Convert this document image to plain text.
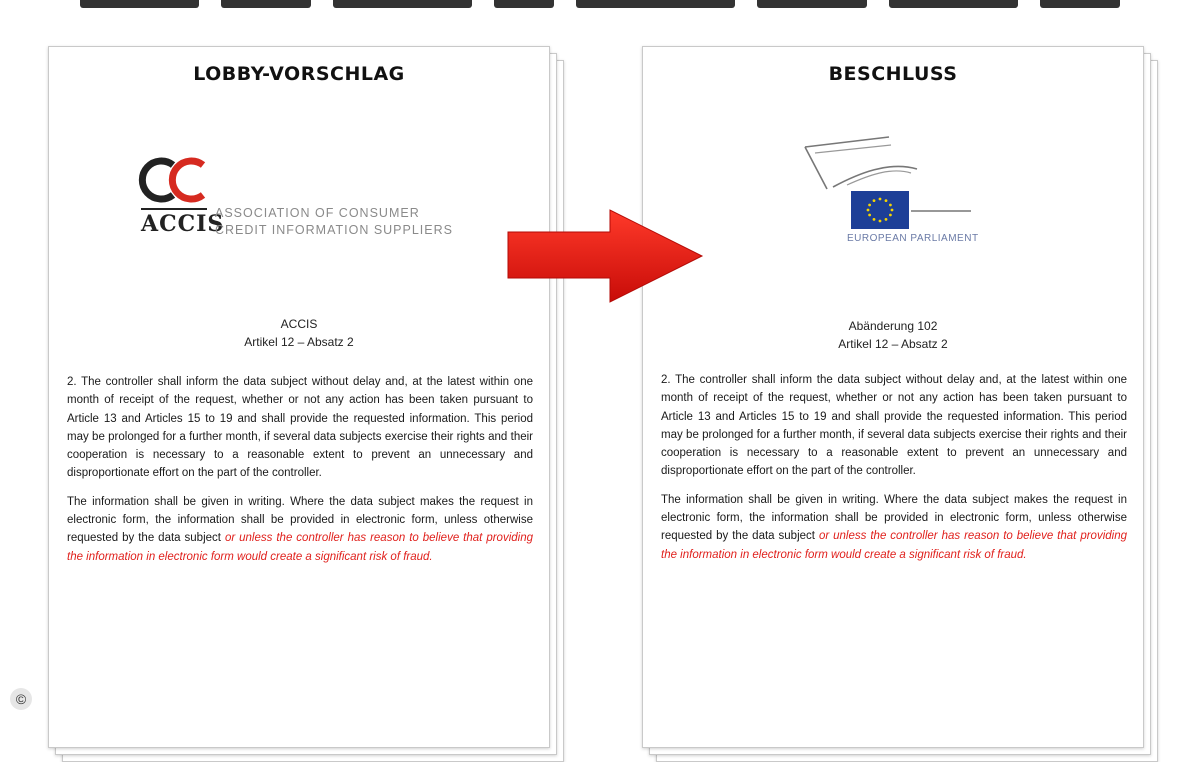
LOBBY-VORSCHLAG
ACCIS
ASSOCIATION OF CONSUMER
CREDIT INFORMATION SUPPLIERS
ACCIS
Artikel 12 – Absatz 2

2. The controller shall inform the data subject without delay and, at the latest within one month of receipt of the request, whether or not any action has been taken pursuant to Article 13 and Articles 15 to 19 and shall provide the requested information. This period may be prolonged for a further month, if several data subjects exercise their rights and their cooperation is necessary to a reasonable extent to prevent an unnecessary and disproportionate effort on the part of the controller.

The information shall be given in writing. Where the data subject makes the request in electronic form, the information shall be provided in electronic form, unless otherwise requested by the data subject or unless the controller has reason to believe that providing the information in electronic form would create a significant risk of fraud.

BESCHLUSS
EUROPEAN PARLIAMENT
Abänderung 102
Artikel 12 – Absatz 2

2. The controller shall inform the data subject without delay and, at the latest within one month of receipt of the request, whether or not any action has been taken pursuant to Article 13 and Articles 15 to 19 and shall provide the requested information. This period may be prolonged for a further month, if several data subjects exercise their rights and their cooperation is necessary to a reasonable extent to prevent an unnecessary and disproportionate effort on the part of the controller.

The information shall be given in writing. Where the data subject makes the request in electronic form, the information shall be provided in electronic form, unless otherwise requested by the data subject or unless the controller has reason to believe that providing the information in electronic form would create a significant risk of fraud.

©
